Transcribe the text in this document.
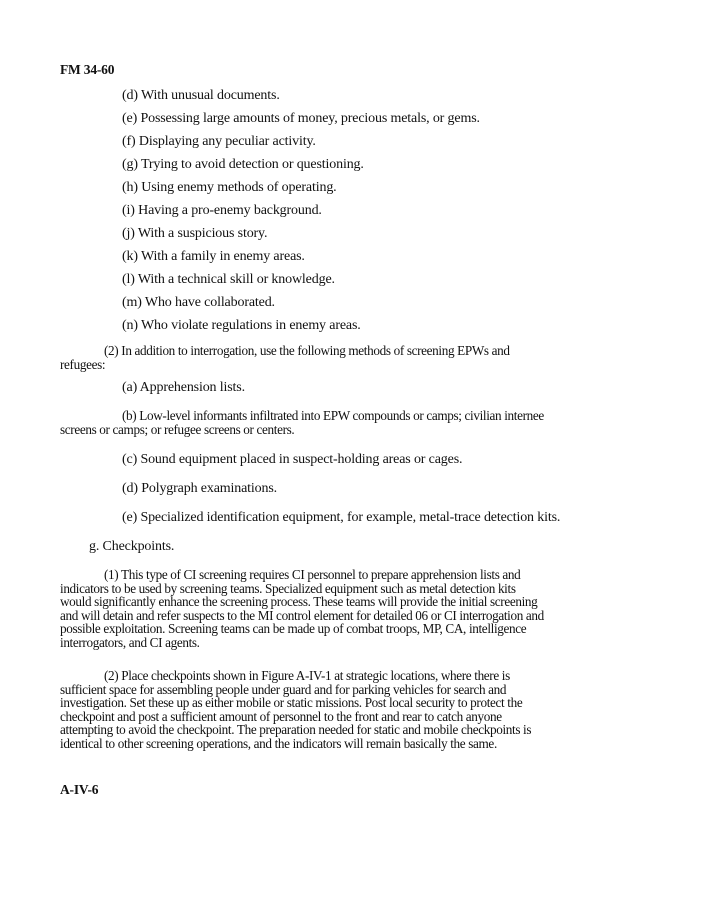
FM 34-60
(d) With unusual documents.
(e) Possessing large amounts of money, precious metals, or gems.
(f) Displaying any peculiar activity.
(g) Trying to avoid detection or questioning.
(h) Using enemy methods of operating.
(i) Having a pro-enemy background.
(j) With a suspicious story.
(k) With a family in enemy areas.
(l) With a technical skill or knowledge.
(m) Who have collaborated.
(n) Who violate regulations in enemy areas.

(2) In addition to interrogation, use the following methods of screening EPWs and

refugees:

(a) Apprehension lists.

(b) Low-level informants infiltrated into EPW compounds or camps; civilian internee

screens or camps; or refugee screens or centers.

(c) Sound equipment placed in suspect-holding areas or cages.
(d) Polygraph examinations.
(e) Specialized identification equipment, for example, metal-trace detection kits.
g. Checkpoints.

(1) This type of CI screening requires CI personnel to prepare apprehension lists and

indicators to be used by screening teams. Specialized equipment such as metal detection kits

would significantly enhance the screening process. These teams will provide the initial screening

and will detain and refer suspects to the MI control element for detailed 06 or CI interrogation and

possible exploitation. Screening teams can be made up of combat troops, MP, CA, intelligence

interrogators, and CI agents.

(2) Place checkpoints shown in Figure A-IV-1 at strategic locations, where there is

sufficient space for assembling people under guard and for parking vehicles for search and

investigation. Set these up as either mobile or static missions. Post local security to protect the

checkpoint and post a sufficient amount of personnel to the front and rear to catch anyone

attempting to avoid the checkpoint. The preparation needed for static and mobile checkpoints is

identical to other screening operations, and the indicators will remain basically the same.

A-IV-6
